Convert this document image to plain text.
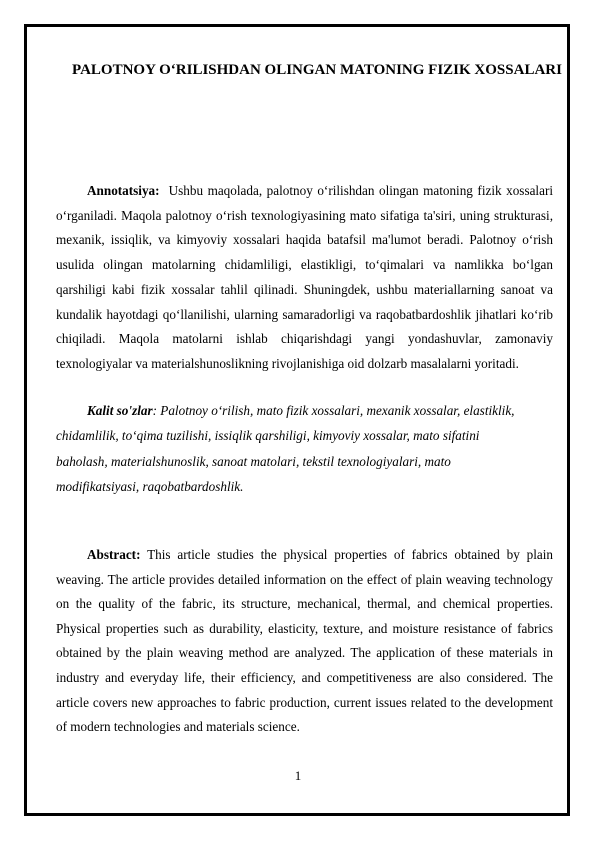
PALOTNOY O‘RILISHDAN OLINGAN MATONING FIZIK XOSSALARI
Annotatsiya: Ushbu maqolada, palotnoy o‘rilishdan olingan matoning fizik xossalari o‘rganiladi. Maqola palotnoy o‘rish texnologiyasining mato sifatiga ta'siri, uning strukturasi, mexanik, issiqlik, va kimyoviy xossalari haqida batafsil ma'lumot beradi. Palotnoy o‘rish usulida olingan matolarning chidamliligi, elastikligi, to‘qimalari va namlikka bo‘lgan qarshiligi kabi fizik xossalar tahlil qilinadi. Shuningdek, ushbu materiallarning sanoat va kundalik hayotdagi qo‘llanilishi, ularning samaradorligi va raqobatbardoshlik jihatlari ko‘rib chiqiladi. Maqola matolarni ishlab chiqarishdagi yangi yondashuvlar, zamonaviy texnologiyalar va materialshunoslikning rivojlanishiga oid dolzarb masalalarni yoritadi.
Kalit so'zlar: Palotnoy o‘rilish, mato fizik xossalari, mexanik xossalar, elastiklik, chidamlilik, to‘qima tuzilishi, issiqlik qarshiligi, kimyoviy xossalar, mato sifatini baholash, materialshunoslik, sanoat matolari, tekstil texnologiyalari, mato modifikatsiyasi, raqobatbardoshlik.
Abstract: This article studies the physical properties of fabrics obtained by plain weaving. The article provides detailed information on the effect of plain weaving technology on the quality of the fabric, its structure, mechanical, thermal, and chemical properties. Physical properties such as durability, elasticity, texture, and moisture resistance of fabrics obtained by the plain weaving method are analyzed. The application of these materials in industry and everyday life, their efficiency, and competitiveness are also considered. The article covers new approaches to fabric production, current issues related to the development of modern technologies and materials science.
1
